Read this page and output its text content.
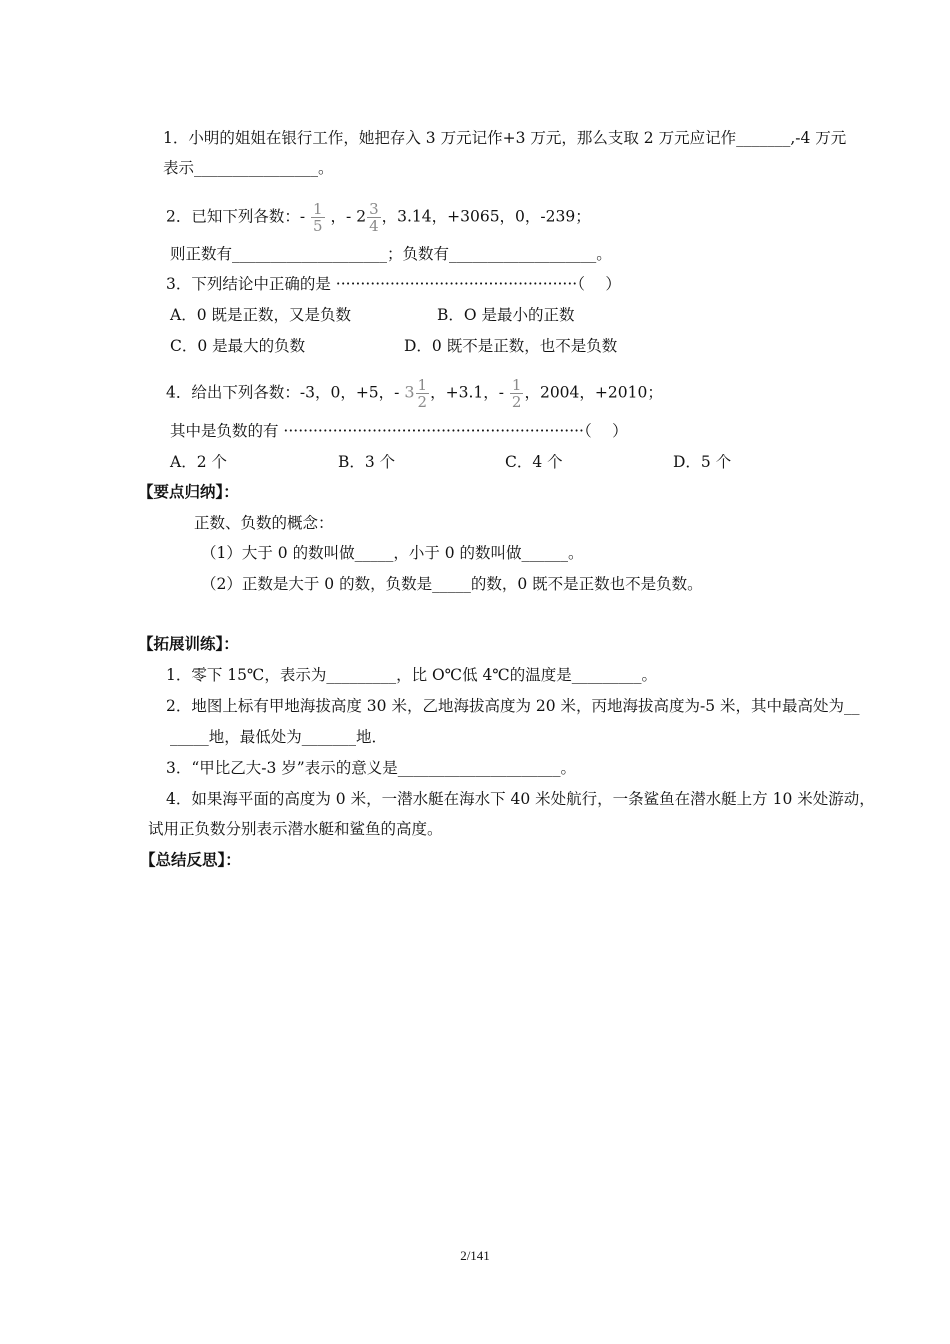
1．小明的姐姐在银行工作，她把存入 3 万元记作+3 万元，那么支取 2 万元应记作_______,-4 万元
表示________________。
2．已知下列各数：- $\frac{1}{5}$ ，- $2 \frac{3}{4}$ ，3.14，+3065，0，-239；
则正数有____________________；负数有___________________。
3．下列结论中正确的是 ·················································（　 ）
A．0 既是正数，又是负数	B．O 是最小的正数
C．0 是最大的负数	D．0 既不是正数，也不是负数
4．给出下列各数：-3，0，+5，- $3 \frac{1}{2}$ ，+3.1，- $\frac{1}{2}$ ，2004，+2010；
其中是负数的有 ·····························································（　 ）
A．2 个	B．3 个	C．4 个	D．5 个
【要点归纳】：
正数、负数的概念：
（1）大于 0 的数叫做_____，小于 0 的数叫做______。
（2）正数是大于 0 的数，负数是_____的数，0 既不是正数也不是负数。
【拓展训练】：
1．零下 15℃，表示为_________，比 O℃低 4℃的温度是_________。
2．地图上标有甲地海拔高度 30 米，乙地海拔高度为 20 米，丙地海拔高度为-5 米，其中最高处为__
_____地，最低处为_______地．
3．“甲比乙大-3 岁”表示的意义是_____________________。
4．如果海平面的高度为 0 米，一潜水艇在海水下 40 米处航行，一条鲨鱼在潜水艇上方 10 米处游动，
试用正负数分别表示潜水艇和鲨鱼的高度。
【总结反思】：
2/141
